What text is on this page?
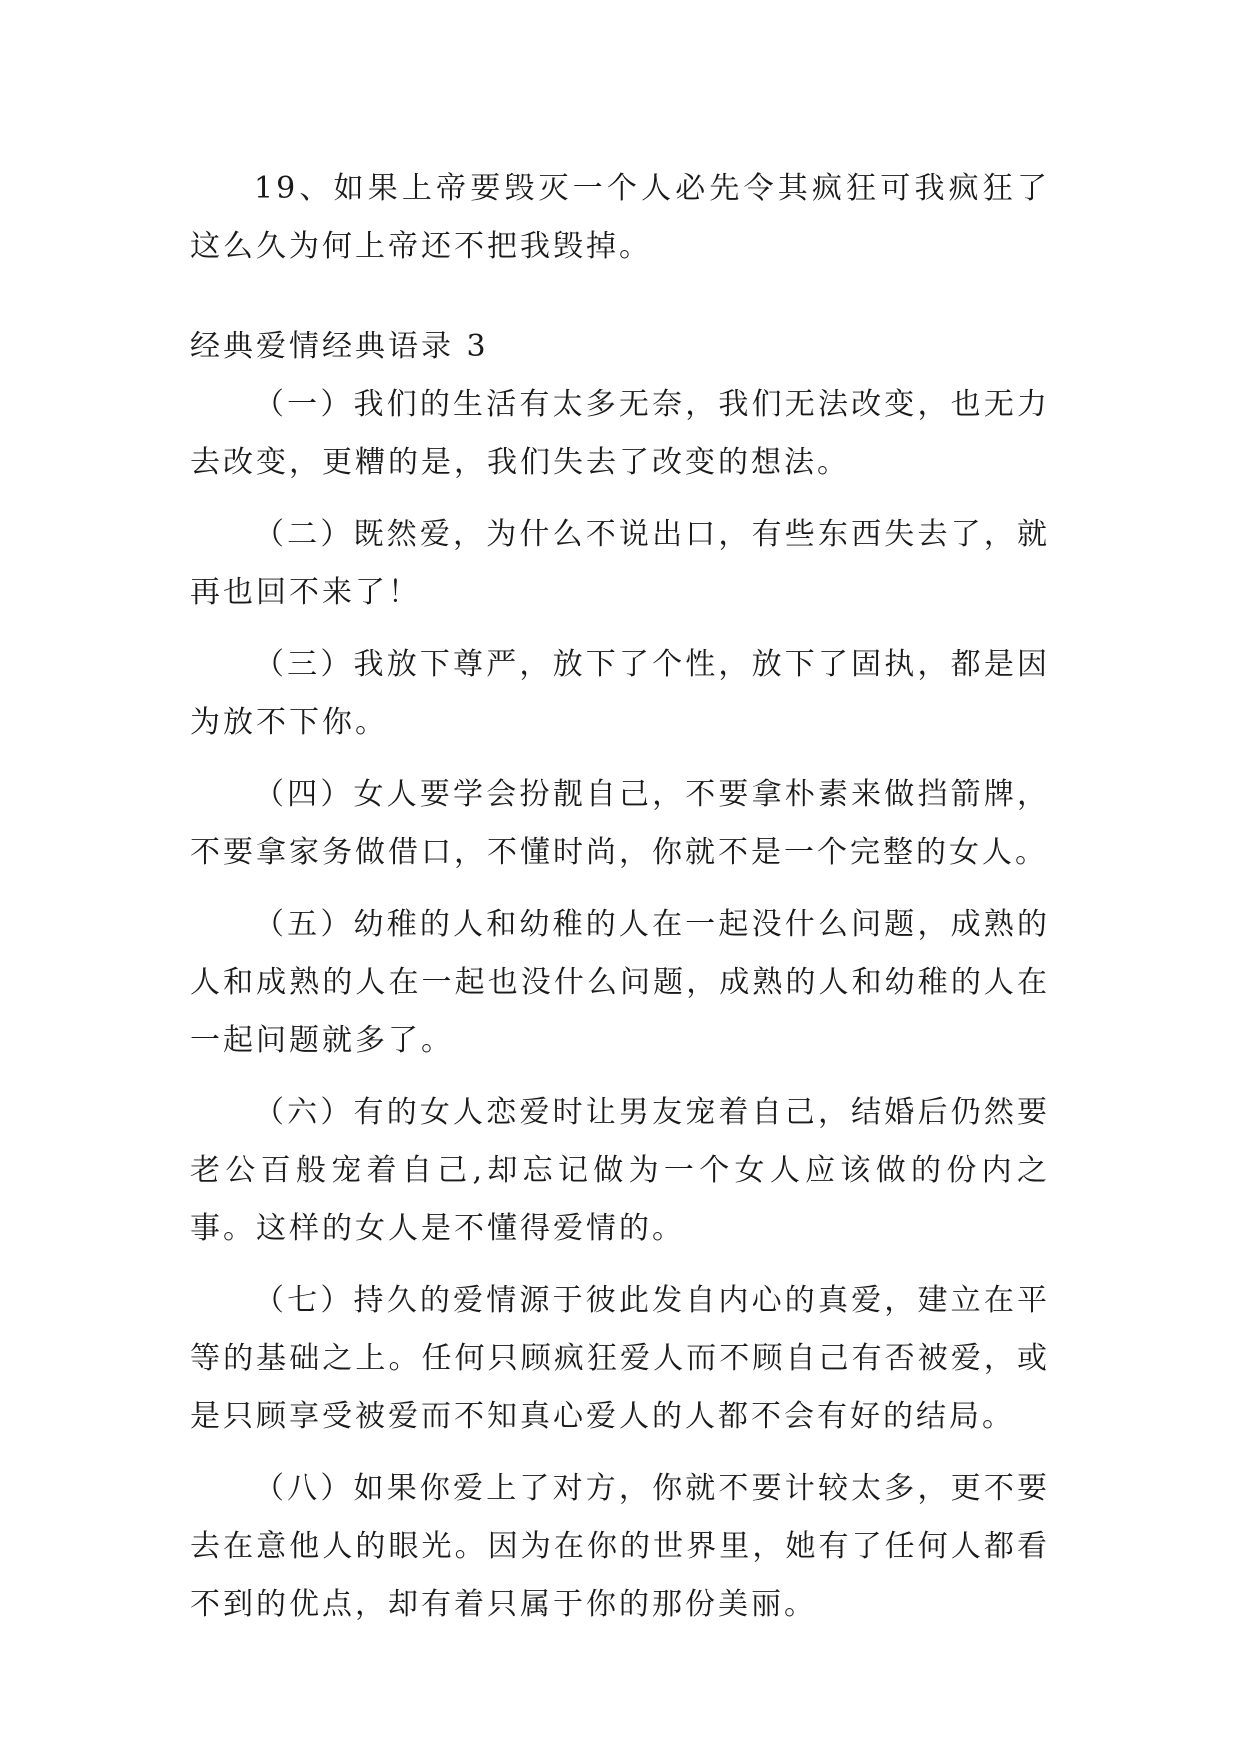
19、如果上帝要毁灭一个人必先令其疯狂可我疯狂了这么久为何上帝还不把我毁掉。

经典爱情经典语录 3

（一）我们的生活有太多无奈，我们无法改变，也无力去改变，更糟的是，我们失去了改变的想法。

（二）既然爱，为什么不说出口，有些东西失去了，就再也回不来了！

（三）我放下尊严，放下了个性，放下了固执，都是因为放不下你。

（四）女人要学会扮靓自己，不要拿朴素来做挡箭牌，不要拿家务做借口，不懂时尚，你就不是一个完整的女人。

（五）幼稚的人和幼稚的人在一起没什么问题，成熟的人和成熟的人在一起也没什么问题，成熟的人和幼稚的人在一起问题就多了。

（六）有的女人恋爱时让男友宠着自己，结婚后仍然要老公百般宠着自己,却忘记做为一个女人应该做的份内之事。这样的女人是不懂得爱情的。

（七）持久的爱情源于彼此发自内心的真爱，建立在平等的基础之上。任何只顾疯狂爱人而不顾自己有否被爱，或是只顾享受被爱而不知真心爱人的人都不会有好的结局。

（八）如果你爱上了对方，你就不要计较太多，更不要去在意他人的眼光。因为在你的世界里，她有了任何人都看不到的优点，却有着只属于你的那份美丽。
